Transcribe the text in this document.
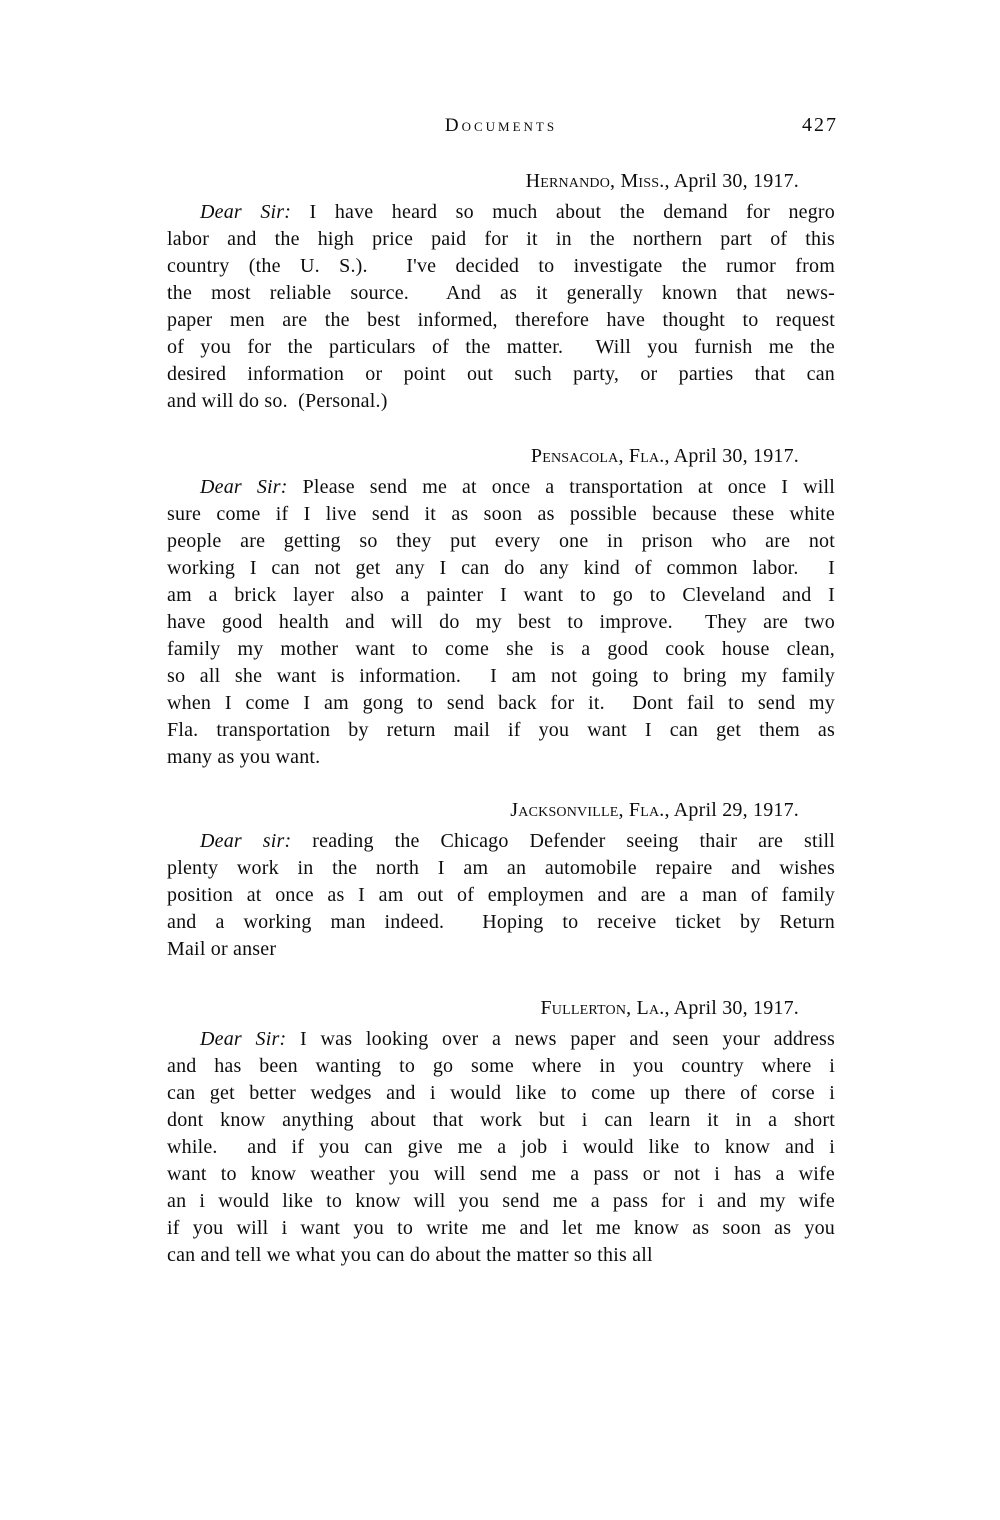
Documents	427
Hernando, Miss., April 30, 1917.
Dear Sir: I have heard so much about the demand for negro
labor and the high price paid for it in the northern part of this
country (the U. S.).  I've decided to investigate the rumor from
the most reliable source.  And as it generally known that news-
paper men are the best informed, therefore have thought to request
of you for the particulars of the matter.  Will you furnish me the
desired information or point out such party, or parties that can
and will do so.  (Personal.)
Pensacola, Fla., April 30, 1917.
Dear Sir: Please send me at once a transportation at once I will
sure come if I live send it as soon as possible because these white
people are getting so they put every one in prison who are not
working I can not get any I can do any kind of common labor.  I
am a brick layer also a painter I want to go to Cleveland and I
have good health and will do my best to improve.  They are two
family my mother want to come she is a good cook house clean,
so all she want is information.  I am not going to bring my family
when I come I am gong to send back for it.  Dont fail to send my
Fla. transportation by return mail if you want I can get them as
many as you want.
Jacksonville, Fla., April 29, 1917.
Dear sir: reading the Chicago Defender seeing thair are still
plenty work in the north I am an automobile repaire and wishes
position at once as I am out of employmen and are a man of family
and a working man indeed.  Hoping to receive ticket by Return
Mail or anser
Fullerton, La., April 30, 1917.
Dear Sir: I was looking over a news paper and seen your address
and has been wanting to go some where in you country where i
can get better wedges and i would like to come up there of corse i
dont know anything about that work but i can learn it in a short
while.  and if you can give me a job i would like to know and i
want to know weather you will send me a pass or not i has a wife
an i would like to know will you send me a pass for i and my wife
if you will i want you to write me and let me know as soon as you
can and tell we what you can do about the matter so this all
